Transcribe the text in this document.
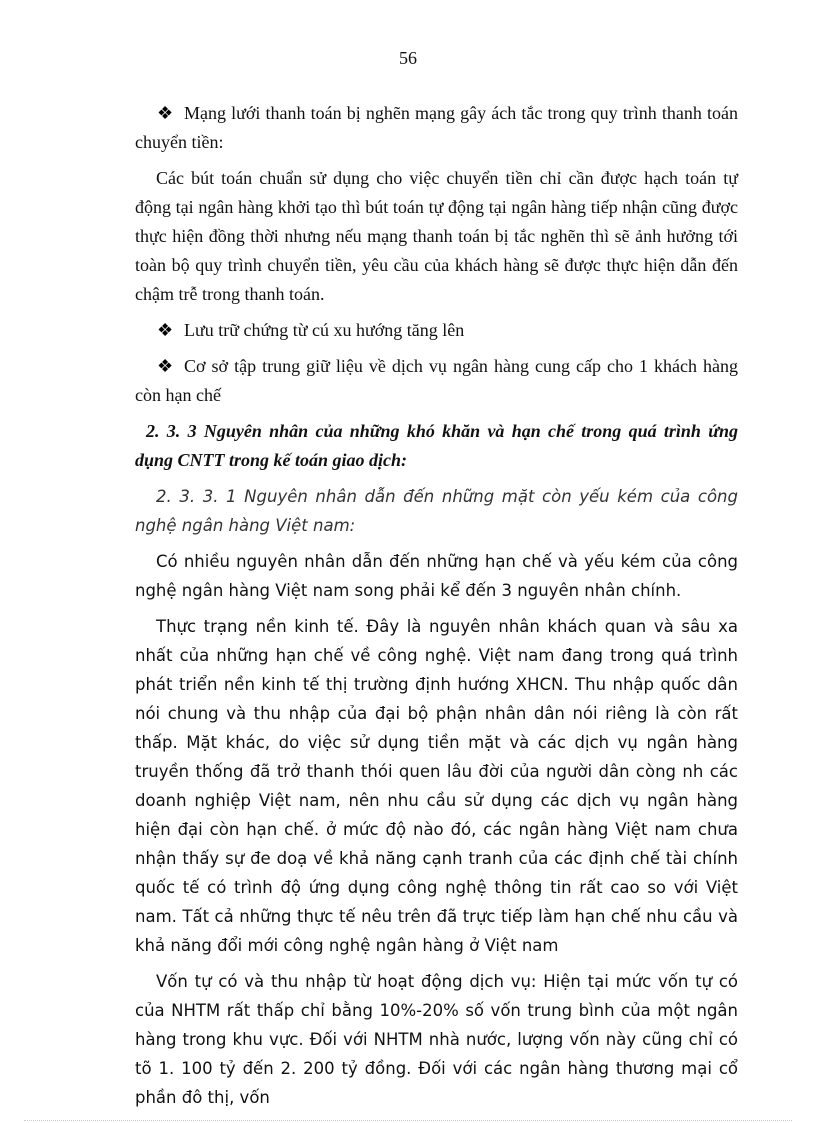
56

❖ Mạng lưới thanh toán bị nghẽn mạng gây ách tắc trong quy trình thanh toán chuyển tiền:

Các bút toán chuẩn sử dụng cho việc chuyển tiền chỉ cần được hạch toán tự động tại ngân hàng khởi tạo thì bút toán tự động tại ngân hàng tiếp nhận cũng được thực hiện đồng thời nhưng nếu mạng thanh toán bị tắc nghẽn thì sẽ ảnh hưởng tới toàn bộ quy trình chuyển tiền, yêu cầu của khách hàng sẽ được thực hiện dẫn đến chậm trễ trong thanh toán.

❖ Lưu trữ chứng từ cú xu hướng tăng lên

❖ Cơ sở tập trung giữ liệu về dịch vụ ngân hàng cung cấp cho 1 khách hàng còn hạn chế

2. 3. 3 Nguyên nhân của những khó khăn và hạn chế trong quá trình ứng dụng CNTT trong kế toán giao dịch:

2. 3. 3. 1 Nguyên nhân dẫn đến những mặt còn yếu kém của công nghệ ngân hàng Việt nam:

Có nhiều nguyên nhân dẫn đến những hạn chế và yếu kém của công nghệ ngân hàng Việt nam song phải kể đến 3 nguyên nhân chính.

Thực trạng nền kinh tế. Đây là nguyên nhân khách quan và sâu xa nhất của những hạn chế về công nghệ. Việt nam đang trong quá trình phát triển nền kinh tế thị trường định hướng XHCN. Thu nhập quốc dân nói chung và thu nhập của đại bộ phận nhân dân nói riêng là còn rất thấp. Mặt khác, do việc sử dụng tiền mặt và các dịch vụ ngân hàng truyền thống đã trở thanh thói quen lâu đời của người dân còng nh các doanh nghiệp Việt nam, nên nhu cầu sử dụng các dịch vụ ngân hàng hiện đại còn hạn chế. ở mức độ nào đó, các ngân hàng Việt nam chưa nhận thấy sự đe doạ về khả năng cạnh tranh của các định chế tài chính quốc tế có trình độ ứng dụng công nghệ thông tin rất cao so với Việt nam. Tất cả những thực tế nêu trên đã trực tiếp làm hạn chế nhu cầu và khả năng đổi mới công nghệ ngân hàng ở Việt nam

Vốn tự có và thu nhập từ hoạt động dịch vụ: Hiện tại mức vốn tự có của NHTM rất thấp chỉ bằng 10%-20% số vốn trung bình của một ngân hàng trong khu vực. Đối với NHTM nhà nước, lượng vốn này cũng chỉ có tõ 1. 100 tỷ đến 2. 200 tỷ đồng. Đối với các ngân hàng thương mại cổ phần đô thị, vốn
